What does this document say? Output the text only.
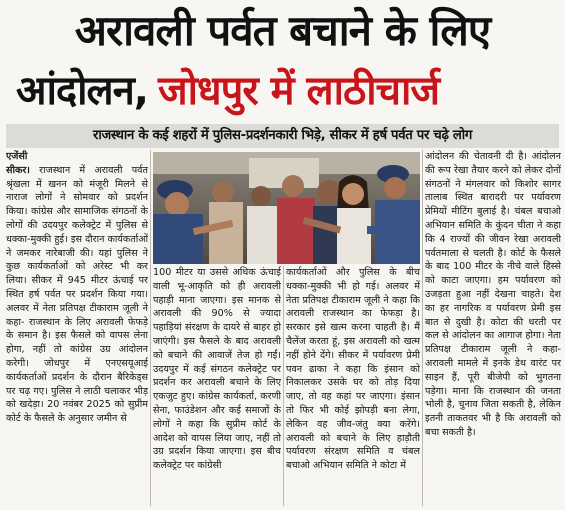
अरावली पर्वत बचाने के लिए
आंदोलन, जोधपुर में लाठीचार्ज
राजस्थान के कई शहरों में पुलिस-प्रदर्शनकारी भिड़े, सीकर में हर्ष पर्वत पर चढ़े लोग
एजेंसी

सीकर। राजस्थान में अरावली पर्वत श्रृंखला में खनन को मंजूरी मिलने से नाराज लोगों ने सोमवार को प्रदर्शन किया। कांग्रेस और सामाजिक संगठनों के लोगों की उदयपुर कलेक्ट्रेट में पुलिस से धक्का-मुक्की हुई। इस दौरान कार्यकर्ताओं ने जमकर नारेबाजी की। यहां पुलिस ने कुछ कार्यकर्ताओं को अरेस्ट भी कर लिया। सीकर में 945 मीटर ऊंचाई पर स्थित हर्ष पर्वत पर प्रदर्शन किया गया। अलवर में नेता प्रतिपक्ष टीकाराम जूली ने कहा- राजस्थान के लिए अरावली फेफड़े के समान है। इस फैसले को वापस लेना होगा, नहीं तो कांग्रेस उग्र आंदोलन करेगी। जोधपुर में एनएसयूआई कार्यकर्ताओं प्रदर्शन के दौरान बैरिकेड्स पर चढ़ गए। पुलिस ने लाठी चलाकर भीड़ को खदेड़ा। 20 नवंबर 2025 को सुप्रीम कोर्ट के फैसले के अनुसार जमीन से

100 मीटर या उससे अधिक ऊंचाई वाली भू-आकृति को ही अरावली पहाड़ी माना जाएगा। इस मानक से अरावली की 90% से ज्यादा पहाड़ियां संरक्षण के दायरे से बाहर हो जाएंगी। इस फैसले के बाद अरावली को बचाने की आवाजें तेज हो गईं। उदयपुर में कई संगठन कलेक्ट्रेट पर प्रदर्शन कर अरावली बचाने के लिए एकजुट हुए। कांग्रेस कार्यकर्ता, करणी सेना, फाउंडेशन और कई समाजों के लोगों ने कहा कि सुप्रीम कोर्ट के आदेश को वापस लिया जाए, नहीं तो उग्र प्रदर्शन किया जाएगा। इस बीच कलेक्ट्रेट पर कांग्रेसी

कार्यकर्ताओं और पुलिस के बीच धक्का-मुक्की भी हो गई। अलवर में नेता प्रतिपक्ष टीकाराम जूली ने कहा कि अरावली राजस्थान का फेफड़ा है। सरकार इसे खत्म करना चाहती है। मैं चैलेंज करता हूं, इस अरावली को खत्म नहीं होने देंगे। सीकर में पर्यावरण प्रेमी पवन ढाका ने कहा कि इंसान को निकालकर उसके घर को तोड़ दिया जाए, तो वह कहां पर जाएगा। इंसान तो फिर भी कोई झोपड़ी बना लेगा, लेकिन वह जीव-जंतु क्या करेंगे। अरावली को बचाने के लिए हाड़ौती पर्यावरण संरक्षण समिति व चंबल बचाओ अभियान समिति ने कोटा में

आंदोलन की चेतावनी दी है। आंदोलन की रूप रेखा तैयार करने को लेकर दोनों संगठनों ने मंगलवार को किशोर सागर तालाब स्थित बारादरी पर पर्यावरण प्रेमियों मीटिंग बुलाई है। चंबल बचाओ अभियान समिति के कुंदन चीता ने कहा कि 4 राज्यों की जीवन रेखा अरावली पर्वतमाला से चलती है। कोर्ट के फैसले के बाद 100 मीटर के नीचे वाले हिस्से को काटा जाएगा। हम पर्यावरण को उजड़ता हुआ नहीं देखना चाहते। देश का हर नागरिक व पर्यावरण प्रेमी इस बात से दुखी है। कोटा की धरती पर कल से आंदोलन का आगाज होगा। नेता प्रतिपक्ष टीकाराम जूली ने कहा- अरावली मामले में इनके डेथ वारंट पर साइन हैं, पूरी बीजेपी को भुगतना पड़ेगा। माना कि राजस्थान की जनता भोली है, चुनाव जिता सकती है, लेकिन इतनी ताकतवर भी है कि अरावली को बचा सकती है।
